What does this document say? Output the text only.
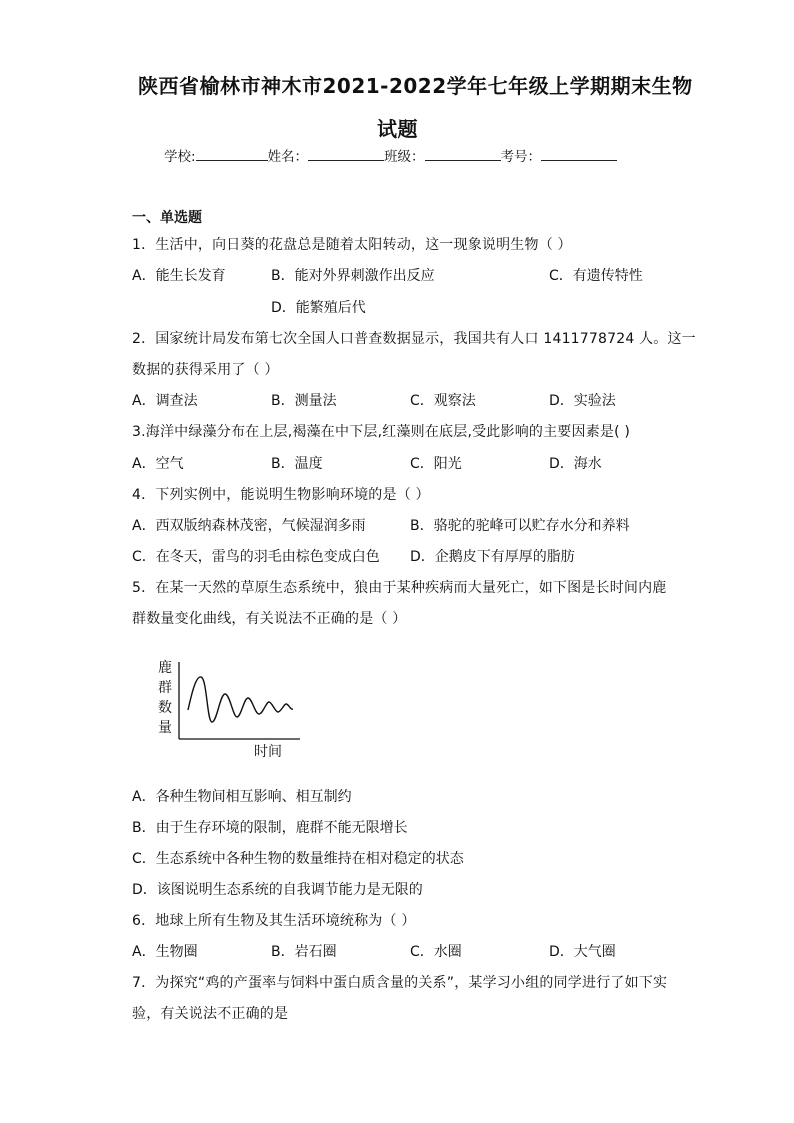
陕西省榆林市神木市2021-2022学年七年级上学期期末生物
试题
学校:	姓名：	班级：	考号：
一、单选题
1．生活中，向日葵的花盘总是随着太阳转动，这一现象说明生物（ ）
A．能生长发育	B．能对外界刺激作出反应	C．有遗传特性
D．能繁殖后代
2．国家统计局发布第七次全国人口普查数据显示，我国共有人口 1411778724 人。这一
数据的获得采用了（ ）
A．调查法	B．测量法	C．观察法	D．实验法
3.海洋中绿藻分布在上层,褐藻在中下层,红藻则在底层,受此影响的主要因素是( )
A．空气	B．温度	C．阳光	D．海水
4．下列实例中，能说明生物影响环境的是（ ）
A．西双版纳森林茂密，气候湿润多雨	B．骆驼的驼峰可以贮存水分和养料
C．在冬天，雷鸟的羽毛由棕色变成白色 D．企鹅皮下有厚厚的脂肪
5．在某一天然的草原生态系统中，狼由于某种疾病而大量死亡，如下图是长时间内鹿
群数量变化曲线，有关说法不正确的是（ ）
鹿
群
数
量
时间
A．各种生物间相互影响、相互制约
B．由于生存环境的限制，鹿群不能无限增长
C．生态系统中各种生物的数量维持在相对稳定的状态
D．该图说明生态系统的自我调节能力是无限的
6．地球上所有生物及其生活环境统称为（ ）
A．生物圈	B．岩石圈	C．水圈	D．大气圈
7．为探究“鸡的产蛋率与饲料中蛋白质含量的关系”，某学习小组的同学进行了如下实
验，有关说法不正确的是
